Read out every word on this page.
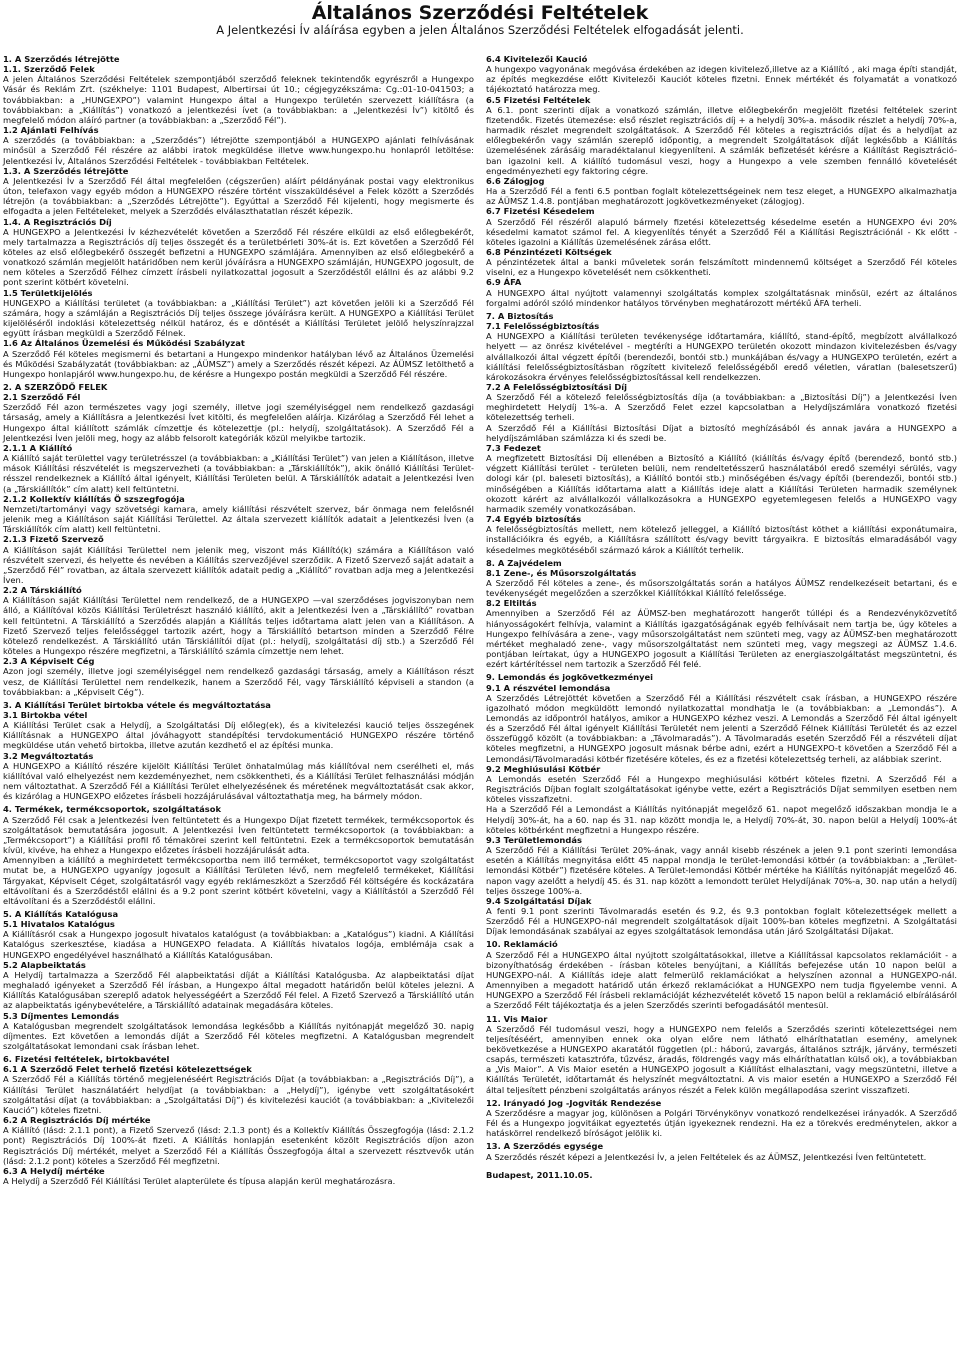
Általános Szerződési Feltételek
A Jelentkezési Ív aláírása egyben a jelen Általános Szerződési Feltételek elfogadását jelenti.

1. A Szerződés létrejötte

1.1. Szerződő Felek

A jelen Általános Szerződési Feltételek szempontjából szerződő feleknek tekintendők egyrészről a Hungexpo Vásár és Reklám Zrt. (székhelye: 1101 Budapest, Albertirsai út 10.; cégjegyzékszáma: Cg.:01-10-041503; a továbbiakban: a „HUNGEXPO”) valamint Hungexpo által a Hungexpo területén szervezett kiállításra (a továbbiakban: a „Kiállítás”) vonatkozó a jelentkezési ívet (a továbbiakban: a „Jelentkezési Ív”) kitöltő és megfelelő módon aláíró partner (a továbbiakban: a „Szerződő Fél”).

1.2 Ajánlati Felhívás

A szerződés (a továbbiakban: a „Szerződés”) létrejötte szempontjából a HUNGEXPO ajánlati felhívásának minősül a Szerződő Fél részére az alábbi iratok megküldése illetve www.hungexpo.hu honlapról letöltése: Jelentkezési Ív, Általános Szerződési Feltételek - továbbiakban Feltételek.

1.3. A Szerződés létrejötte

A Jelentkezési Ív a Szerződő Fél által megfelelően (cégszerűen) aláírt példányának postai vagy elektronikus úton, telefaxon vagy egyéb módon a HUNGEXPO részére történt visszaküldésével a Felek között a Szerződés létrejön (a továbbiakban: a „Szerződés Létrejötte”). Egyúttal a Szerződő Fél kijelenti, hogy megismerte és elfogadta a jelen Feltételeket, melyek a Szerződés elválaszthatatlan részét képezik.

1.4. A Regisztrációs Díj

A HUNGEXPO a Jelentkezési Ív kézhezvételét követően a Szerződő Fél részére elküldi az első előlegbekérőt, mely tartalmazza a Regisztrációs díj teljes összegét és a területbérleti 30%-át is. Ezt követően a Szerződő Fél köteles az első előlegbekérő összegét befizetni a HUNGEXPO számlájára. Amennyiben az első előlegbekérő a vonatkozó számlán megjelölt határidőben nem kerül jóváírásra a HUNGEXPO számláján, HUNGEXPO jogosult, de nem köteles a Szerződő Félhez címzett írásbeli nyilatkozattal jogosult a Szerződéstől elállni és az alábbi 9.2 pont szerint kötbért követelni.

1.5 Területkijelölés

HUNGEXPO a Kiállítási területet (a továbbiakban: a „Kiállítási Terület”) azt követően jelöli ki a Szerződő Fél számára, hogy a számláján a Regisztrációs Díj teljes összege jóváírásra került. A HUNGEXPO a Kiállítási Terület kijelöléséről indoklási kötelezettség nélkül határoz, és e döntését a Kiállítási Területet jelölő helyszínrajzzal együtt írásban megküldi a Szerződő Félnek.

1.6 Az Általános Üzemelési és Működési Szabályzat

A Szerződő Fél köteles megismerni és betartani a Hungexpo mindenkor hatályban lévő az Általános Üzemelési és Működési Szabályzatát (továbbiakban: az „ÁÜMSZ”) amely a Szerződés részét képezi. Az ÁÜMSZ letölthető a Hungexpo honlapjáról www.hungexpo.hu, de kérésre a Hungexpo postán megküldi a Szerződő Fél részére.

2. A SZERZŐDŐ FELEK

2.1 Szerződő Fél

Szerződő Fél azon természetes vagy jogi személy, illetve jogi személyiséggel nem rendelkező gazdasági társaság, amely a Kiállításra a Jelentkezési Ívet kitölti, és megfelelően aláírja. Kizárólag a Szerződő Fél lehet a Hungexpo által kiállított számlák címzettje és kötelezettje (pl.: helydíj, szolgáltatások). A Szerződő Fél a Jelentkezési Íven jelöli meg, hogy az alább felsorolt kategóriák közül melyikbe tartozik.

2.1.1 A Kiállító

A Kiállító saját területtel vagy területrésszel (a továbbiakban: a „Kiállítási Terület”) van jelen a Kiállításon, illetve mások Kiállítási részvételét is megszervezheti (a továbbiakban: a „Társkiállítók”), akik önálló Kiállítási Terület-résszel rendelkeznek a Kiállító által igényelt, Kiállítási Területen belül. A Társkiállítók adatait a Jelentkezési Íven (a „Társkiállítók” cím alatt) kell feltüntetni.

2.1.2 Kollektív kiállítás Ö szszegfogója

Nemzeti/tartományi vagy szövetségi kamara, amely kiállítási részvételt szervez, bár önmaga nem felelősnél jelenik meg a Kiállításon saját Kiállítási Területtel. Az általa szervezett kiállítók adatait a Jelentkezési Íven (a Társkiállítók cím alatt) kell feltüntetni.

2.1.3 Fizető Szervező

A Kiállításon saját Kiállítási Területtel nem jelenik meg, viszont más Kiállító(k) számára a Kiállításon való részvételt szervezi, és helyette és nevében a Kiállítás szervezőjével szerződik. A Fizető Szervező saját adatait a „Szerződő Fél” rovatban, az általa szervezett kiállítók adatait pedig a „Kiállító” rovatban adja meg a Jelentkezési Íven.

2.2 A Társkiállító

A Kiállításon saját Kiállítási Területtel nem rendelkező, de a HUNGEXPO —val szerződéses jogviszonyban nem álló, a Kiállítóval közös Kiállítási Területrészt használó kiállító, akit a Jelentkezési Íven a „Társkiállító” rovatban kell feltüntetni. A Társkiállító a Szerződés alapján a Kiállítás teljes időtartama alatt jelen van a Kiállításon. A Fizető Szervező teljes felelősséggel tartozik azért, hogy a Társkiállító betartson minden a Szerződő Félre kötelező rendelkezést. A Társkiállító után Társkiállítói díjat (pl.: helydíj, szolgáltatási díj stb.) a Szerződő Fél köteles a Hungexpo részére megfizetni, a Társkiállító számla címzettje nem lehet.

2.3 A Képviselt Cég

Azon jogi személy, illetve jogi személyiséggel nem rendelkező gazdasági társaság, amely a Kiállításon részt vesz, de Kiállítási Területtel nem rendelkezik, hanem a Szerződő Fél, vagy Társkiállító képviseli a standon (a továbbiakban: a „Képviselt Cég”).

3. A Kiállítási Terület birtokba vétele és megváltoztatása

3.1 Birtokba vétel

A Kiállítási Terület csak a Helydíj, a Szolgáltatási Díj előleg(ek), és a kivitelezési kaució teljes összegének Kiállításnak a HUNGEXPO által jóváhagyott standépítési tervdokumentáció HUNGEXPO részére történő megküldése után vehető birtokba, illetve azután kezdhető el az építési munka.

3.2 Megváltoztatás

A HUNGEXPO a Kiállító részére kijelölt Kiállítási Terület önhatalmúlag más kiállítóval nem cserélheti el, más kiállítóval való elhelyezést nem kezdeményezhet, nem csökkentheti, és a Kiállítási Terület felhasználási módján nem változtathat. A Szerződő Fél a Kiállítási Terület elhelyezésének és méretének megváltoztatását csak akkor, és kizárólag a HUNGEXPO előzetes írásbeli hozzájárulásával változtathatja meg, ha bármely módon.

4. Termékek, termékcsoportok, szolgáltatások

A Szerződő Fél csak a Jelentkezési Íven feltüntetett és a Hungexpo Díjat fizetett termékek, termékcsoportok és szolgáltatások bemutatására jogosult. A Jelentkezési Íven feltüntetett termékcsoportok (a továbbiakban: a „Termékcsoport”) a Kiállítási profil fő témakörei szerint kell feltüntetni. Ezek a termékcsoportok bemutatásán kívül, kivéve, ha ehhez a Hungexpo előzetes írásbeli hozzájárulását adta.

Amennyiben a kiállító a meghirdetett termékcsoportba nem illő terméket, termékcsoportot vagy szolgáltatást mutat be, a HUNGEXPO ugyanígy jogosult a Kiállítási Területen lévő, nem megfelelő termékeket, Kiállítási Tárgyakat, Képviselt Céget, szolgáltatásról vagy egyéb reklámeszközt a Szerződő Fél költségére és kockázatára eltávolítani és a Szerződéstől elállni és a 9.2 pont szerint kötbért követelni, vagy a Kiállítástól a Szerződő Fél eltávolítani és a Szerződéstől elállni.

5. A Kiállítás Katalógusa

5.1 Hivatalos Katalógus

A Kiállításról csak a Hungexpo jogosult hivatalos katalógust (a továbbiakban: a „Katalógus”) kiadni. A Kiállítási Katalógus szerkesztése, kiadása a HUNGEXPO feladata. A Kiállítás hivatalos logója, emblémája csak a HUNGEXPO engedélyével használható a Kiállítás Katalógusában.

5.2 Alapbeiktatás

A Helydíj tartalmazza a Szerződő Fél alapbeiktatási díját a Kiállítási Katalógusba. Az alapbeiktatási díjat meghaladó igényeket a Szerződő Fél írásban, a Hungexpo által megadott határidőn belül köteles jelezni. A Kiállítás Katalógusában szereplő adatok helyességéért a Szerződő Fél felel. A Fizető Szervező a Társkiállító után az alapbeiktatás igénybevételére, a Társkiállító adatainak megadására köteles.

5.3 Díjmentes Lemondás

A Katalógusban megrendelt szolgáltatások lemondása legkésőbb a Kiállítás nyitónapját megelőző 30. napig díjmentes. Ezt követően a lemondás díját a Szerződő Fél köteles megfizetni. A Katalógusban megrendelt szolgáltatásokat lemondani csak írásban lehet.

6. Fizetési feltételek, birtokbavétel

6.1 A Szerződő Felet terhelő fizetési kötelezettségek

A Szerződő Fél a Kiállítás történő megjelenéséért Regisztrációs Díjat (a továbbiakban: a „Regisztrációs Díj”), a Kiállítási Terület használatáért helydíjat (a továbbiakban: a „Helydíj”), igénybe vett szolgáltatásokért szolgáltatási díjat (a továbbiakban: a „Szolgáltatási Díj”) és kivitelezési kauciót (a továbbiakban: a „Kivitelezői Kaució”) köteles fizetni.

6.2 A Regisztrációs Díj mértéke

A Kiállító (lásd: 2.1.1 pont), a Fizető Szervező (lásd: 2.1.3 pont) és a Kollektív Kiállítás Összegfogója (lásd: 2.1.2 pont) Regisztrációs Díj 100%-át fizeti. A Kiállítás honlapján esetenként közölt Regisztrációs díjon azon Regisztrációs Díj mértékét, melyet a Szerződő Fél a Kiállítás Összegfogója által a szervezett résztvevők után (lásd: 2.1.2 pont) köteles a Szerződő Fél megfizetni.

6.3 A Helydíj mértéke

A Helydíj a Szerződő Fél Kiállítási Terület alapterülete és típusa alapján kerül meghatározásra.

6.4 Kivitelezői Kaució

A hungexpo vagyonának megóvása érdekében az idegen kivitelező,illetve az a Kiállító , aki maga építi standját, az építés megkezdése előtt Kivitelezői Kauciót köteles fizetni. Ennek mértékét és folyamatát a vonatkozó tájékoztató határozza meg.

6.5 Fizetési Feltételek

A 6.1. pont szerinti díjak a vonatkozó számlán, illetve előlegbekérőn megjelölt fizetési feltételek szerint fizetendők. Fizetés ütemezése: első részlet regisztrációs díj + a helydíj 30%-a. második részlet a helydíj 70%-a, harmadik részlet megrendelt szolgáltatások. A Szerződő Fél köteles a regisztrációs díjat és a helydíjat az előlegbekérőn vagy számlán szereplő időpontig, a megrendelt Szolgáltatások díját legkésőbb a Kiállítás üzemelésének zárásáig maradéktalanul kiegyenlíteni. A számlák befizetését kérésre a Kiállítást Regisztráció-ban igazolni kell. A kiállító tudomásul veszi, hogy a Hungexpo a vele szemben fennálló követelését engedményezheti egy faktoring cégre.

6.6 Zálogjog

Ha a Szerződő Fél a fenti 6.5 pontban foglalt kötelezettségeinek nem tesz eleget, a HUNGEXPO alkalmazhatja az ÁÜMSZ 1.4.8. pontjában meghatározott jogkövetkezményeket (zálogjog).

6.7 Fizetési Késedelem

A Szerződő Fél részéről alapuló bármely fizetési kötelezettség késedelme esetén a HUNGEXPO évi 20% késedelmi kamatot számol fel. A kiegyenlítés tényét a Szerződő Fél a Kiállítási Regisztrációnál - Kk előtt - köteles igazolni a Kiállítás üzemelésének zárása előtt.

6.8 Pénzintézeti Költségek

A pénzintézetek által a banki műveletek során felszámított mindennemű költséget a Szerződő Fél köteles viselni, ez a Hungexpo követelését nem csökkentheti.

6.9 ÁFA

A HUNGEXPO által nyújtott valamennyi szolgáltatás komplex szolgáltatásnak minősül, ezért az általános forgalmi adóról szóló mindenkor hatályos törvényben meghatározott mértékű ÁFA terheli.

7. A Biztosítás

7.1 Felelősségbiztosítás

A HUNGEXPO a Kiállítási területen tevékenysége időtartamára, kiállító, stand-építő, megbízott alvállalkozó helyett — az önrész kivételével - megtéríti a HUNGEXPO területén okozott mindazon kivitelezésben és/vagy alvállalkozói által végzett építői (berendezői, bontói stb.) munkájában és/vagy a HUNGEXPO területén, ezért a kiállítási felelősségbiztosításban rögzített kivitelező felelősségéből eredő véletlen, váratlan (balesetszerű) károkozásokra érvényes felelősségbiztosítással kell rendelkezzen.

7.2 A Felelősségbiztosítási Díj

A Szerződő Fél a kötelező felelősségbiztosítás díja (a továbbiakban: a „Biztosítási Díj”) a Jelentkezési Íven meghirdetett Helydíj 1%-a. A Szerződő Felet ezzel kapcsolatban a Helydíjszámlára vonatkozó fizetési kötelezettség terheli.

A Szerződő Fél a Kiállítási Biztosítási Díjat a biztosító meghízásából és annak javára a HUNGEXPO a helydíjszámlában számlázza ki és szedi be.

7.3 Fedezet

A megfizetett Biztosítási Díj ellenében a Biztosító a Kiállító (kiállítás és/vagy építő (berendező, bontó stb.) végzett Kiállítási terület - területen belüli, nem rendeltetésszerű használatából eredő személyi sérülés, vagy dologi kár (pl. baleseti biztosítás), a Kiállító bontói stb.) minőségében és/vagy építői (berendezői, bontói stb.) minőségében a Kiállítás időtartama alatt a Kiállítás ideje alatt a Kiállítási Területen harmadik személynek okozott kárért az alvállalkozói vállalkozásokra a HUNGEXPO egyetemlegesen felelős a HUNGEXPO vagy harmadik személy vonatkozásában.

7.4 Egyéb biztosítás

A felelősségbiztosítás mellett, nem kötelező jelleggel, a Kiállító biztosítást köthet a kiállítási exponátumaira, installációikra és egyéb, a Kiállításra szállított és/vagy bevitt tárgyaikra. E biztosítás elmaradásából vagy késedelmes megkötéséből származó károk a Kiállítót terhelik.

8. A Zajvédelem

8.1 Zene-, és Műsorszolgáltatás

A Szerződő Fél köteles a zene-, és műsorszolgáltatás során a hatályos ÁÜMSZ rendelkezéseit betartani, és e tevékenységét megelőzően a szerzőkkel Kiállítókkal Kiállító felelőssége.

8.2 Eltiltás

Amennyiben a Szerződő Fél az ÁÜMSZ-ben meghatározott hangerőt túllépi és a Rendezvényközvetítő hiányosságokért felhívja, valamint a Kiállítás igazgatóságának egyéb felhívásait nem tartja be, úgy köteles a Hungexpo felhívására a zene-, vagy műsorszolgáltatást nem szünteti meg, vagy az ÁÜMSZ-ben meghatározott mértéket meghaladó zene-, vagy műsorszolgáltatást nem szünteti meg, vagy megszegi az ÁÜMSZ 1.4.6. pontjában leírtakat, úgy a HUNGEXPO jogosult a Kiállítási Területen az energiaszolgáltatást megszüntetni, és ezért kártérítéssel nem tartozik a Szerződő Fél felé.

9. Lemondás és jogkövetkezményei

9.1 A részvétel lemondása

A Szerződés Létrejöttét követően a Szerződő Fél a Kiállítási részvételt csak írásban, a HUNGEXPO részére igazolható módon megküldött lemondó nyilatkozattal mondhatja le (a továbbiakban: a „Lemondás”). A Lemondás az időpontról hatályos, amikor a HUNGEXPO kézhez veszi. A Lemondás a Szerződő Fél által igényelt és a Szerződő Fél által igényelt Kiállítási Területét nem jelenti a Szerződő Félnek Kiállítási Területét és az ezzel összefüggő közölt (a továbbiakban: a „Távolmaradás”). A Távolmaradás esetén Szerződő Fél a részvételi díjat köteles megfizetni, a HUNGEXPO jogosult másnak bérbe adni, ezért a HUNGEXPO-t követően a Szerződő Fél a Lemondási/Távolmaradási kötbér fizetésére köteles, és ez a fizetési kötelezettség terheli, az alábbiak szerint.

9.2 Meghiúsulási Kötbér

A Lemondás esetén Szerződő Fél a Hungexpo meghiúsulási kötbért köteles fizetni. A Szerződő Fél a Regisztrációs Díjban foglalt szolgáltatásokat igénybe vette, ezért a Regisztrációs Díjat semmilyen esetben nem köteles visszafizetni.

Ha a Szerződő Fél a Lemondást a Kiállítás nyitónapját megelőző 61. napot megelőző időszakban mondja le a Helydíj 30%-át, ha a 60. nap és 31. nap között mondja le, a Helydíj 70%-át, 30. napon belül a Helydíj 100%-át köteles kötbérként megfizetni a Hungexpo részére.

9.3 Területlemondás

A Szerződő Fél a Kiállítási Terület 20%-ának, vagy annál kisebb részének a jelen 9.1 pont szerinti lemondása esetén a Kiállítás megnyitása előtt 45 nappal mondja le terület-lemondási kötbér (a továbbiakban: a „Terület-lemondási Kötbér”) fizetésére köteles. A Terület-lemondási Kötbér mértéke ha Kiállítás nyitónapját megelőző 46. napon vagy azelőtt a helydíj 45. és 31. nap között a lemondott terület Helydíjának 70%-a, 30. nap után a helydíj teljes összege 100%-a.

9.4 Szolgáltatási Díjak

A fenti 9.1 pont szerinti Távolmaradás esetén és 9.2, és 9.3 pontokban foglalt kötelezettségek mellett a Szerződő Fél a HUNGEXPO-nál megrendelt szolgáltatások díjait 100%-ban köteles megfizetni. A Szolgáltatási Díjak lemondásának szabályai az egyes szolgáltatások lemondása után járó Szolgáltatási Díjakat.

10. Reklamáció

A Szerződő Fél a HUNGEXPO által nyújtott szolgáltatásokkal, illetve a Kiállítással kapcsolatos reklamációit - a bizonyíthatóság érdekében - írásban köteles benyújtani, a Kiállítás befejezése után 10 napon belül a HUNGEXPO-nál. A Kiállítás ideje alatt felmerülő reklamációkat a helyszínen azonnal a HUNGEXPO-nál. Amennyiben a megadott határidő után érkező reklamációkat a HUNGEXPO nem tudja figyelembe venni. A HUNGEXPO a Szerződő Fél írásbeli reklamációját kézhezvételét követő 15 napon belül a reklamáció elbírálásáról a Szerződő Félt tájékoztatja és a jelen Szerződés szerinti befogadásától mentesül.

11. Vis Maior

A Szerződő Fél tudomásul veszi, hogy a HUNGEXPO nem felelős a Szerződés szerinti kötelezettségei nem teljesítéséért, amennyiben ennek oka olyan előre nem látható elháríthatatlan esemény, amelynek bekövetkezése a HUNGEXPO akaratától független (pl.: háború, zavargás, általános sztrájk, járvány, természeti csapás, természeti katasztrófa, tűzvész, áradás, földrengés vagy más elháríthatatlan külső ok), a továbbiakban a „Vis Maior”. A Vis Maior esetén a HUNGEXPO jogosult a Kiállítást elhalasztani, vagy megszüntetni, illetve a Kiállítás Területét, időtartamát és helyszínét megváltoztatni. A vis maior esetén a HUNGEXPO a Szerződő Fél által teljesített pénzbeni szolgáltatás arányos részét a Felek külön megállapodása szerint visszafizeti.

12. Irányadó Jog -Jogviták Rendezése

A Szerződésre a magyar jog, különösen a Polgári Törvénykönyv vonatkozó rendelkezései irányadók. A Szerződő Fél és a Hungexpo jogvitáikat egyeztetés útján igyekeznek rendezni. Ha ez a törekvés eredménytelen, akkor a hatáskörrel rendelkező bíróságot jelölik ki.

13. A Szerződés egysége

A Szerződés részét képezi a Jelentkezési Ív, a jelen Feltételek és az ÁÜMSZ, Jelentkezési Íven feltüntetett.

Budapest, 2011.10.05.
